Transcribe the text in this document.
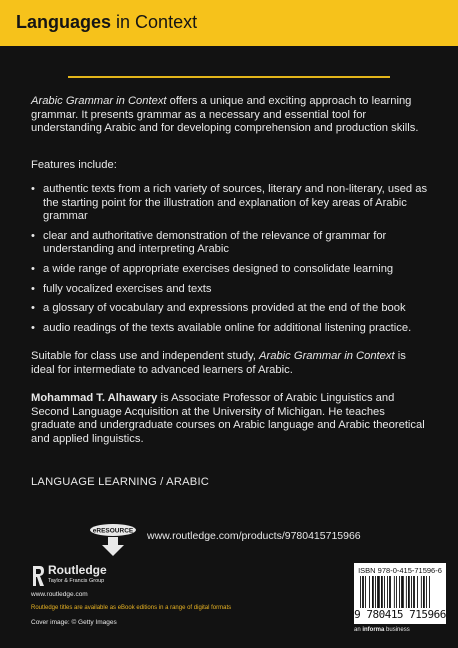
Languages in Context
Arabic Grammar in Context offers a unique and exciting approach to learning grammar. It presents grammar as a necessary and essential tool for understanding Arabic and for developing comprehension and production skills.
Features include:
• authentic texts from a rich variety of sources, literary and non-literary, used as the starting point for the illustration and explanation of key areas of Arabic grammar
• clear and authoritative demonstration of the relevance of grammar for understanding and interpreting Arabic
• a wide range of appropriate exercises designed to consolidate learning
• fully vocalized exercises and texts
• a glossary of vocabulary and expressions provided at the end of the book
• audio readings of the texts available online for additional listening practice.
Suitable for class use and independent study, Arabic Grammar in Context is ideal for intermediate to advanced learners of Arabic.
Mohammad T. Alhawary is Associate Professor of Arabic Linguistics and Second Language Acquisition at the University of Michigan. He teaches graduate and undergraduate courses on Arabic language and Arabic theoretical and applied linguistics.
LANGUAGE LEARNING / ARABIC
eRESOURCE www.routledge.com/products/9780415715966
Routledge
Taylor & Francis Group
www.routledge.com
Routledge titles are available as eBook editions in a range of digital formats
Cover image: © Getty Images
ISBN 978-0-415-71596-6
9 780415 715966
an informa business
